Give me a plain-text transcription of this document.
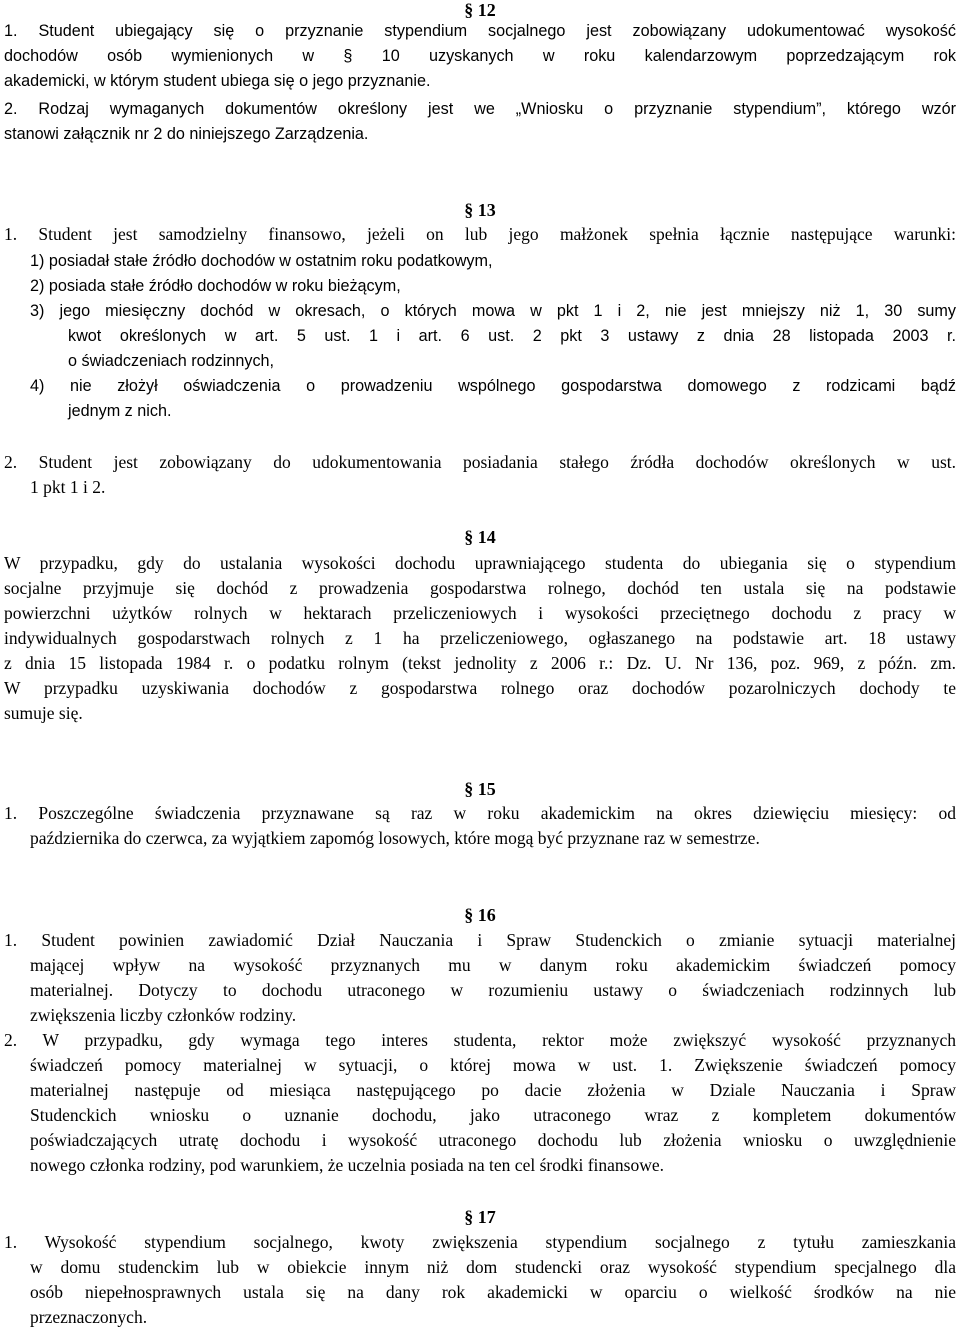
§ 12
1. Student ubiegający się o przyznanie stypendium socjalnego jest zobowiązany udokumentować wysokość
dochodów osób wymienionych w § 10 uzyskanych w roku kalendarzowym poprzedzającym rok
akademicki, w którym student ubiega się o jego przyznanie.
2. Rodzaj wymaganych dokumentów określony jest we „Wniosku o przyznanie stypendium”, którego wzór
stanowi załącznik nr 2 do niniejszego Zarządzenia.
§ 13
1. Student jest samodzielny finansowo, jeżeli on lub jego małżonek spełnia łącznie następujące warunki:
1) posiadał stałe źródło dochodów w ostatnim roku podatkowym,
2) posiada stałe źródło dochodów w roku bieżącym,
3) jego miesięczny dochód w okresach, o których mowa w pkt 1 i 2, nie jest mniejszy niż 1, 30 sumy
kwot określonych w art. 5 ust. 1 i art. 6 ust. 2 pkt 3 ustawy z dnia 28 listopada 2003 r.
o świadczeniach rodzinnych,
4) nie złożył oświadczenia o prowadzeniu wspólnego gospodarstwa domowego z rodzicami bądź
jednym z nich.
2. Student jest zobowiązany do udokumentowania posiadania stałego źródła dochodów określonych w ust.
1 pkt 1 i 2.
§ 14
W przypadku, gdy do ustalania wysokości dochodu uprawniającego studenta do ubiegania się o stypendium
socjalne przyjmuje się dochód z prowadzenia gospodarstwa rolnego, dochód ten ustala się na podstawie
powierzchni użytków rolnych w hektarach przeliczeniowych i wysokości przeciętnego dochodu z pracy w
indywidualnych gospodarstwach rolnych z 1 ha przeliczeniowego, ogłaszanego na podstawie art. 18 ustawy
z dnia 15 listopada 1984 r. o podatku rolnym (tekst jednolity z 2006 r.: Dz. U. Nr 136, poz. 969, z późn. zm.
W przypadku uzyskiwania dochodów z gospodarstwa rolnego oraz dochodów pozarolniczych dochody te
sumuje się.
§ 15
1. Poszczególne świadczenia przyznawane są raz w roku akademickim na okres dziewięciu miesięcy: od
października do czerwca, za wyjątkiem zapomóg losowych, które mogą być przyznane raz w semestrze.
§ 16
1. Student powinien zawiadomić Dział Nauczania i Spraw Studenckich o zmianie sytuacji materialnej
mającej wpływ na wysokość przyznanych mu w danym roku akademickim świadczeń pomocy
materialnej. Dotyczy to dochodu utraconego w rozumieniu ustawy o świadczeniach rodzinnych lub
zwiększenia liczby członków rodziny.
2. W przypadku, gdy wymaga tego interes studenta, rektor może zwiększyć wysokość przyznanych
świadczeń pomocy materialnej w sytuacji, o której mowa w ust. 1. Zwiększenie świadczeń pomocy
materialnej następuje od miesiąca następującego po dacie złożenia w Dziale Nauczania i Spraw
Studenckich wniosku o uznanie dochodu, jako utraconego wraz z kompletem dokumentów
poświadczających utratę dochodu i wysokość utraconego dochodu lub złożenia wniosku o uwzględnienie
nowego członka rodziny, pod warunkiem, że uczelnia posiada na ten cel środki finansowe.
§ 17
1. Wysokość stypendium socjalnego, kwoty zwiększenia stypendium socjalnego z tytułu zamieszkania
w domu studenckim lub w obiekcie innym niż dom studencki oraz wysokość stypendium specjalnego dla
osób niepełnosprawnych ustala się na dany rok akademicki w oparciu o wielkość środków na nie
przeznaczonych.
